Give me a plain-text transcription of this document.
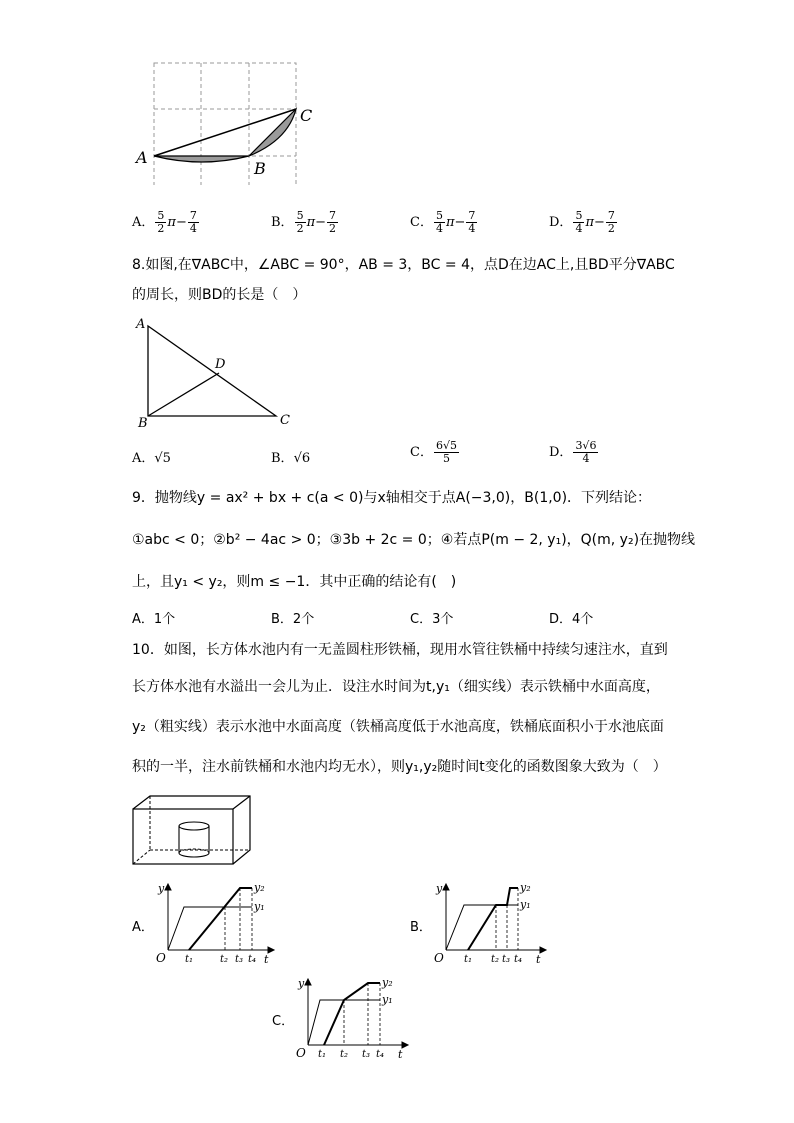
A
B
C
A． $\frac{5}{2} \pi- \frac{7}{4}$	B． $\frac{5}{2} \pi- \frac{7}{2}$	C． $\frac{5}{4} \pi- \frac{7}{4}$	D． $\frac{5}{4} \pi- \frac{7}{2}$
8.如图,在∇ABC中，∠ABC = 90°，AB = 3，BC = 4，点D在边AC上,且BD平分∇ABC
的周长，则BD的长是（　）
A
B	C
D
A．√5	B．√6	C． $\frac{6√5}{5}$	D． $\frac{3√6}{4}$
9．抛物线y = ax² + bx + c(a < 0)与x轴相交于点A(−3,0)，B(1,0)．下列结论：
①abc < 0；②b² − 4ac > 0；③3b + 2c = 0；④若点P(m − 2, y₁)，Q(m, y₂)在抛物线
上，且y₁ < y₂，则m ≤ −1．其中正确的结论有(　)
A．1个	B．2个	C．3个	D．4个
10．如图，长方体水池内有一无盖圆柱形铁桶，现用水管往铁桶中持续匀速注水，直到
长方体水池有水溢出一会儿为止．设注水时间为t,y₁（细实线）表示铁桶中水面高度，
y₂（粗实线）表示水池中水面高度（铁桶高度低于水池高度，铁桶底面积小于水池底面
积的一半，注水前铁桶和水池内均无水），则y₁,y₂随时间t变化的函数图象大致为（　）
A．
O
y
t
y₂
y₁
t₁	t₂ t₃ t₄
B．
O
y
t
y₂
y₁
t₁ t₂ t₃ t₄
C．
O
y
t
y₂
y₁
t₁ t₂ t₃ t₄
